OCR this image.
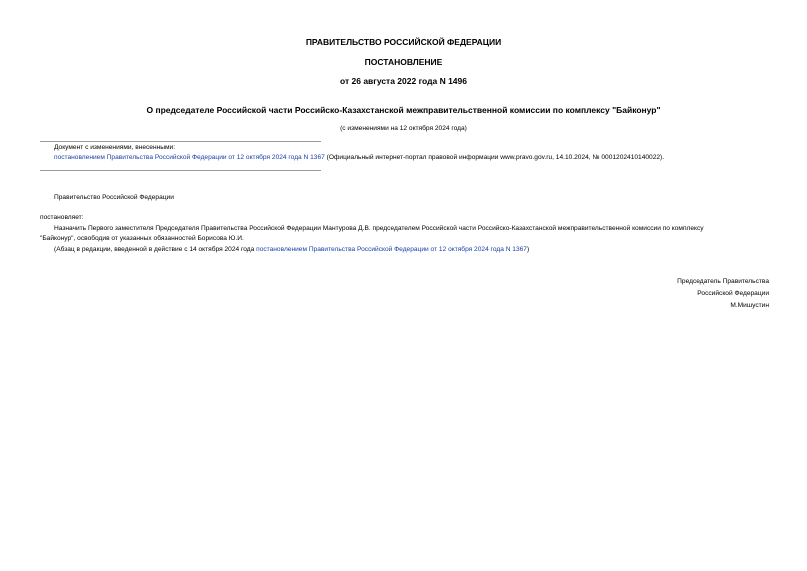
ПРАВИТЕЛЬСТВО РОССИЙСКОЙ ФЕДЕРАЦИИ
ПОСТАНОВЛЕНИЕ
от 26 августа 2022 года N 1496
О председателе Российской части Российско-Казахстанской межправительственной комиссии по комплексу "Байконур"
(с изменениями на 12 октября 2024 года)
Документ с изменениями, внесенными:
постановлением Правительства Российской Федерации от 12 октября 2024 года N 1367 (Официальный интернет-портал правовой информации www.pravo.gov.ru, 14.10.2024, № 0001202410140022).
Правительство Российской Федерации
постановляет:
Назначить Первого заместителя Председателя Правительства Российской Федерации Мантурова Д.В. председателем Российской части Российско-Казахстанской межправительственной комиссии по комплексу
"Байконур", освободив от указанных обязанностей Борисова Ю.И.
(Абзац в редакции, введенной в действие с 14 октября 2024 года постановлением Правительства Российской Федерации от 12 октября 2024 года N 1367)
Председатель Правительства
Российской Федерации
М.Мишустин
